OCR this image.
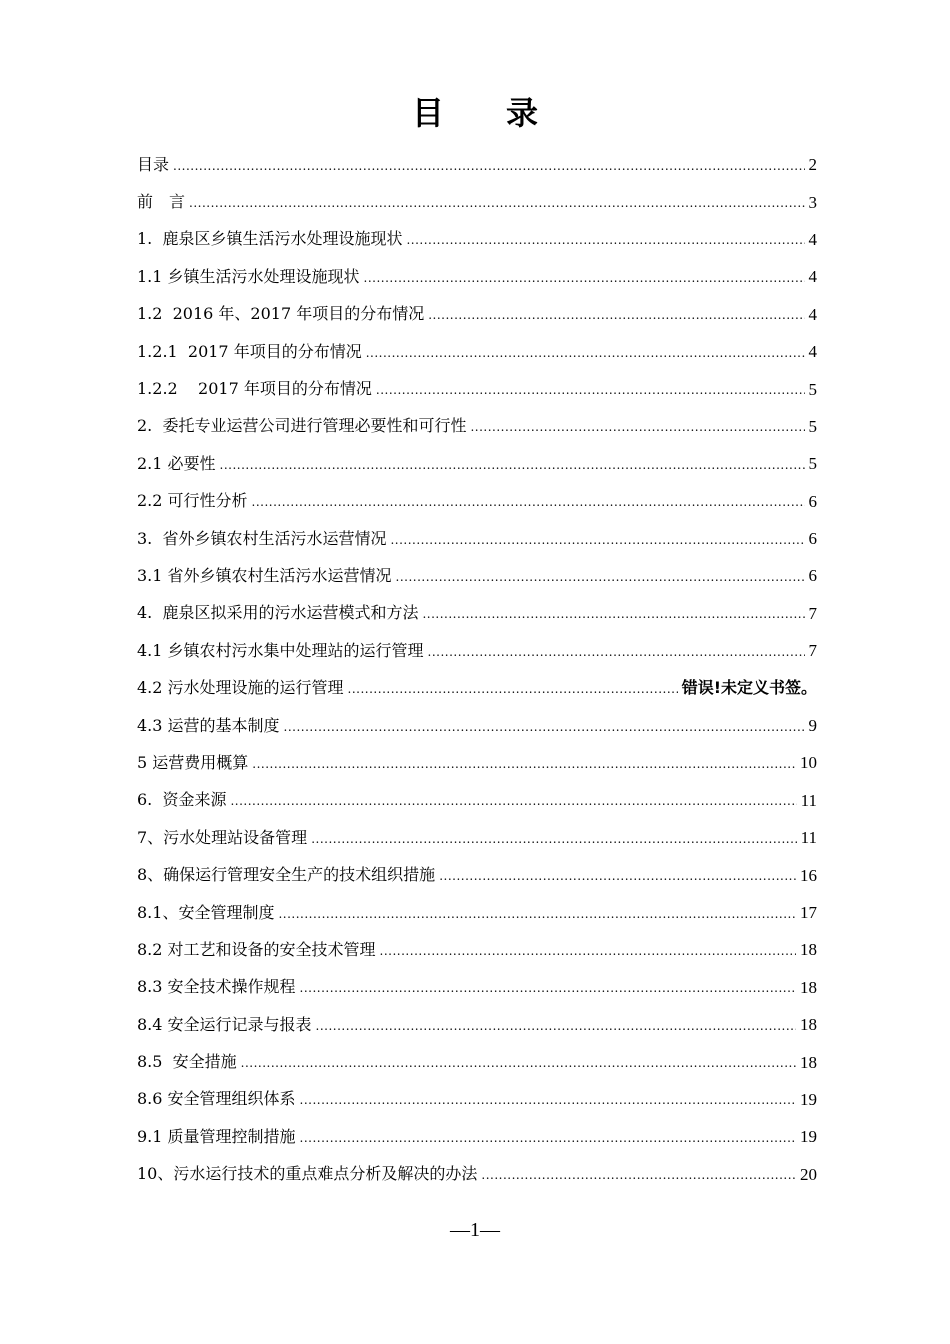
目 录
目录 .....	2
前　言 .....	3
1.  鹿泉区乡镇生活污水处理设施现状 .....	4
1.1 乡镇生活污水处理设施现状 .....	4
1.2  2016 年、2017 年项目的分布情况 .....	4
1.2.1  2017 年项目的分布情况 .....	4
1.2.2    2017 年项目的分布情况 .....	5
2.  委托专业运营公司进行管理必要性和可行性 .....	5
2.1 必要性 .....	5
2.2 可行性分析 .....	6
3.  省外乡镇农村生活污水运营情况 .....	6
3.1 省外乡镇农村生活污水运营情况 .....	6
4.  鹿泉区拟采用的污水运营模式和方法 .....	7
4.1 乡镇农村污水集中处理站的运行管理 .....	7
4.2 污水处理设施的运行管理 .....	错误!未定义书签。
4.3 运营的基本制度 .....	9
5 运营费用概算 .....	10
6.  资金来源 .....	11
7、污水处理站设备管理 .....	11
8、确保运行管理安全生产的技术组织措施 .....	16
8.1、安全管理制度 .....	17
8.2 对工艺和设备的安全技术管理 .....	18
8.3 安全技术操作规程 .....	18
8.4 安全运行记录与报表 .....	18
8.5  安全措施 .....	18
8.6 安全管理组织体系 .....	19
9.1 质量管理控制措施 .....	19
10、污水运行技术的重点难点分析及解决的办法 .....	20
—1—
